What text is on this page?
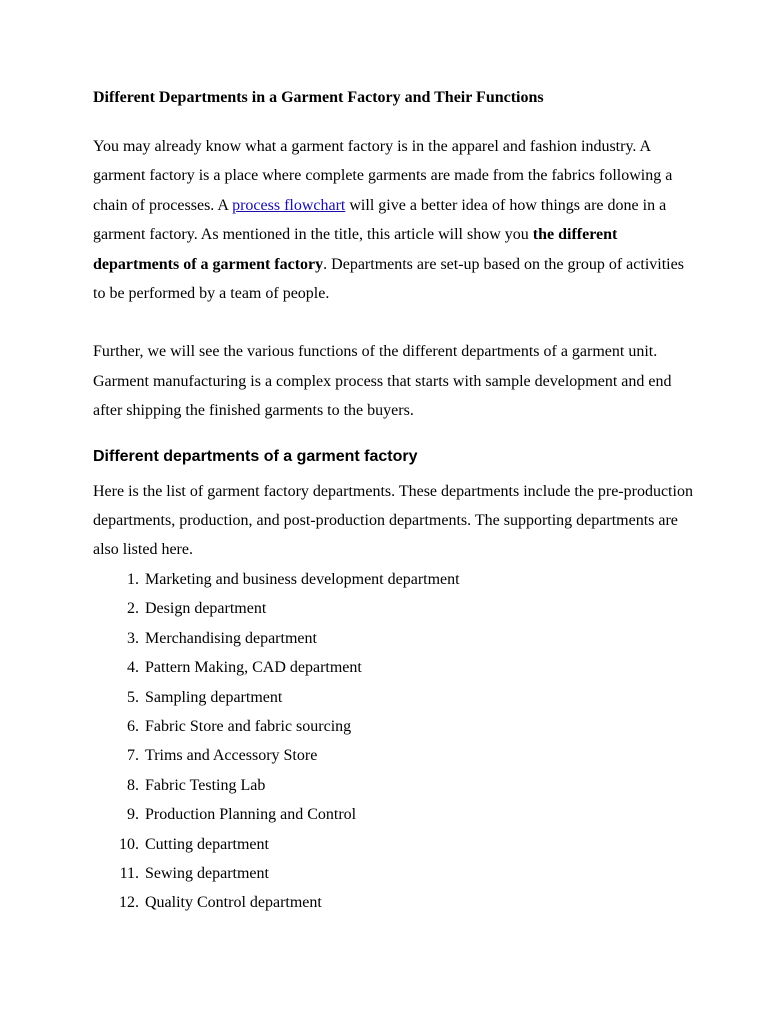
Different Departments in a Garment Factory and Their Functions

You may already know what a garment factory is in the apparel and fashion industry. A garment factory is a place where complete garments are made from the fabrics following a chain of processes. A process flowchart will give a better idea of how things are done in a garment factory. As mentioned in the title, this article will show you the different departments of a garment factory. Departments are set-up based on the group of activities to be performed by a team of people.

Further, we will see the various functions of the different departments of a garment unit. Garment manufacturing is a complex process that starts with sample development and end after shipping the finished garments to the buyers.

Different departments of a garment factory

Here is the list of garment factory departments. These departments include the pre-production departments, production, and post-production departments. The supporting departments are also listed here.

1. Marketing and business development department
2. Design department
3. Merchandising department
4. Pattern Making, CAD department
5. Sampling department
6. Fabric Store and fabric sourcing
7. Trims and Accessory Store
8. Fabric Testing Lab
9. Production Planning and Control
10. Cutting department
11. Sewing department
12. Quality Control department
